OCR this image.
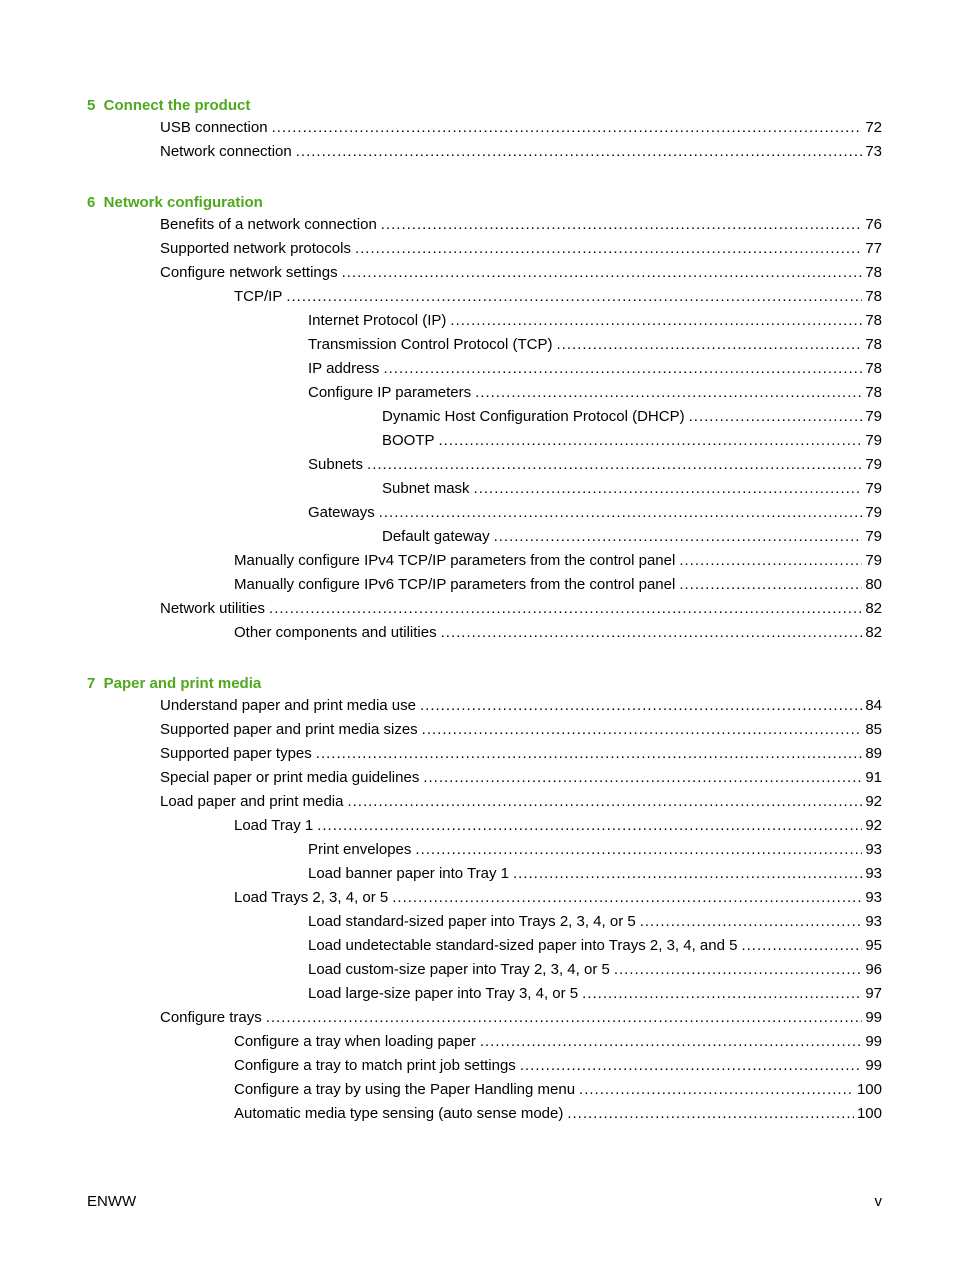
5  Connect the product
USB connection .....	72
Network connection .....	73
6  Network configuration
Benefits of a network connection .....	76
Supported network protocols .....	77
Configure network settings .....	78
TCP/IP .....	78
Internet Protocol (IP) .....	78
Transmission Control Protocol (TCP) .....	78
IP address .....	78
Configure IP parameters .....	78
Dynamic Host Configuration Protocol (DHCP) .....	79
BOOTP .....	79
Subnets .....	79
Subnet mask .....	79
Gateways .....	79
Default gateway .....	79
Manually configure IPv4 TCP/IP parameters from the control panel .....	79
Manually configure IPv6 TCP/IP parameters from the control panel .....	80
Network utilities .....	82
Other components and utilities .....	82
7  Paper and print media
Understand paper and print media use .....	84
Supported paper and print media sizes .....	85
Supported paper types .....	89
Special paper or print media guidelines .....	91
Load paper and print media .....	92
Load Tray 1 .....	92
Print envelopes .....	93
Load banner paper into Tray 1 .....	93
Load Trays 2, 3, 4, or 5 .....	93
Load standard-sized paper into Trays 2, 3, 4, or 5 .....	93
Load undetectable standard-sized paper into Trays 2, 3, 4, and 5 .....	95
Load custom-size paper into Tray 2, 3, 4, or 5 .....	96
Load large-size paper into Tray 3, 4, or 5 .....	97
Configure trays .....	99
Configure a tray when loading paper .....	99
Configure a tray to match print job settings .....	99
Configure a tray by using the Paper Handling menu .....	100
Automatic media type sensing (auto sense mode) .....	100
ENWW	v
